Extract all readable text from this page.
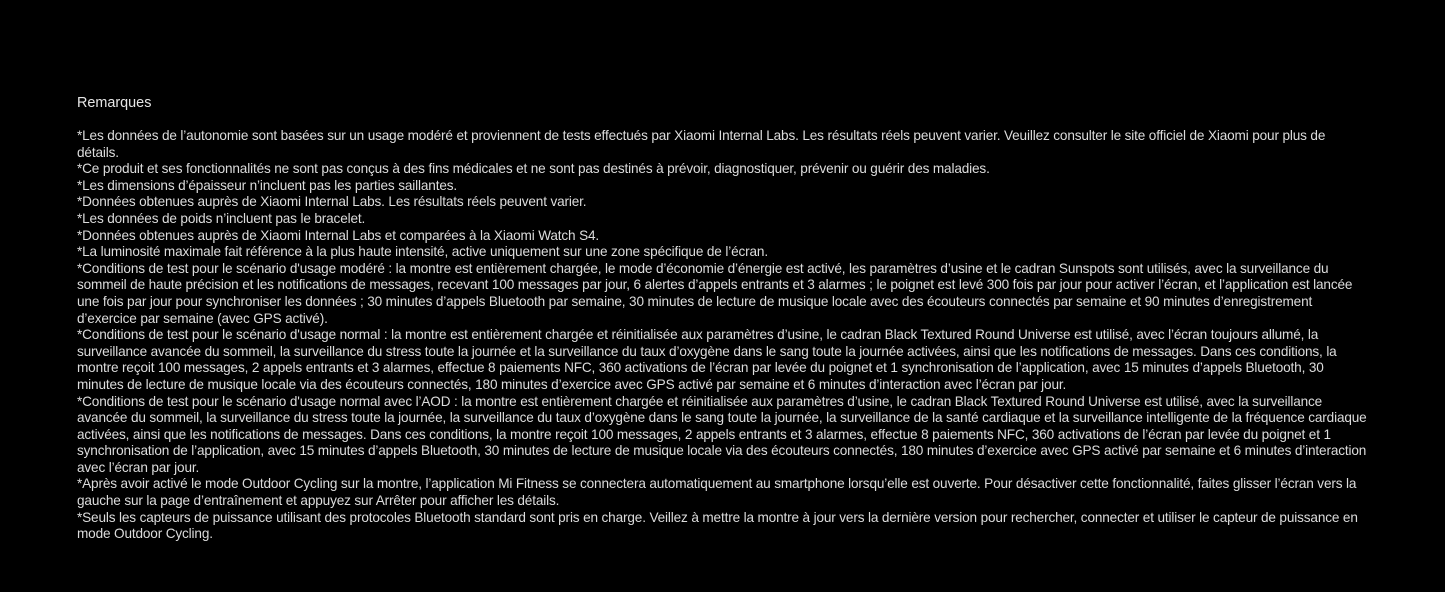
Remarques
*Les données de l’autonomie sont basées sur un usage modéré et proviennent de tests effectués par Xiaomi Internal Labs. Les résultats réels peuvent varier. Veuillez consulter le site officiel de Xiaomi pour plus de détails.
*Ce produit et ses fonctionnalités ne sont pas conçus à des fins médicales et ne sont pas destinés à prévoir, diagnostiquer, prévenir ou guérir des maladies.
*Les dimensions d’épaisseur n’incluent pas les parties saillantes.
*Données obtenues auprès de Xiaomi Internal Labs. Les résultats réels peuvent varier.
*Les données de poids n’incluent pas le bracelet.
*Données obtenues auprès de Xiaomi Internal Labs et comparées à la Xiaomi Watch S4.
*La luminosité maximale fait référence à la plus haute intensité, active uniquement sur une zone spécifique de l’écran.
*Conditions de test pour le scénario d'usage modéré : la montre est entièrement chargée, le mode d’économie d’énergie est activé, les paramètres d’usine et le cadran Sunspots sont utilisés, avec la surveillance du sommeil de haute précision et les notifications de messages, recevant 100 messages par jour, 6 alertes d’appels entrants et 3 alarmes ; le poignet est levé 300 fois par jour pour activer l’écran, et l’application est lancée une fois par jour pour synchroniser les données ; 30 minutes d’appels Bluetooth par semaine, 30 minutes de lecture de musique locale avec des écouteurs connectés par semaine et 90 minutes d’enregistrement d’exercice par semaine (avec GPS activé).
*Conditions de test pour le scénario d'usage normal : la montre est entièrement chargée et réinitialisée aux paramètres d’usine, le cadran Black Textured Round Universe est utilisé, avec l’écran toujours allumé, la surveillance avancée du sommeil, la surveillance du stress toute la journée et la surveillance du taux d’oxygène dans le sang toute la journée activées, ainsi que les notifications de messages. Dans ces conditions, la montre reçoit 100 messages, 2 appels entrants et 3 alarmes, effectue 8 paiements NFC, 360 activations de l’écran par levée du poignet et 1 synchronisation de l’application, avec 15 minutes d’appels Bluetooth, 30 minutes de lecture de musique locale via des écouteurs connectés, 180 minutes d’exercice avec GPS activé par semaine et 6 minutes d’interaction avec l’écran par jour.
*Conditions de test pour le scénario d'usage normal avec l’AOD : la montre est entièrement chargée et réinitialisée aux paramètres d’usine, le cadran Black Textured Round Universe est utilisé, avec la surveillance avancée du sommeil, la surveillance du stress toute la journée, la surveillance du taux d’oxygène dans le sang toute la journée, la surveillance de la santé cardiaque et la surveillance intelligente de la fréquence cardiaque activées, ainsi que les notifications de messages. Dans ces conditions, la montre reçoit 100 messages, 2 appels entrants et 3 alarmes, effectue 8 paiements NFC, 360 activations de l’écran par levée du poignet et 1 synchronisation de l’application, avec 15 minutes d’appels Bluetooth, 30 minutes de lecture de musique locale via des écouteurs connectés, 180 minutes d’exercice avec GPS activé par semaine et 6 minutes d’interaction avec l’écran par jour.
*Après avoir activé le mode Outdoor Cycling sur la montre, l’application Mi Fitness se connectera automatiquement au smartphone lorsqu’elle est ouverte. Pour désactiver cette fonctionnalité, faites glisser l’écran vers la gauche sur la page d’entraînement et appuyez sur Arrêter pour afficher les détails.
*Seuls les capteurs de puissance utilisant des protocoles Bluetooth standard sont pris en charge. Veillez à mettre la montre à jour vers la dernière version pour rechercher, connecter et utiliser le capteur de puissance en mode Outdoor Cycling.
